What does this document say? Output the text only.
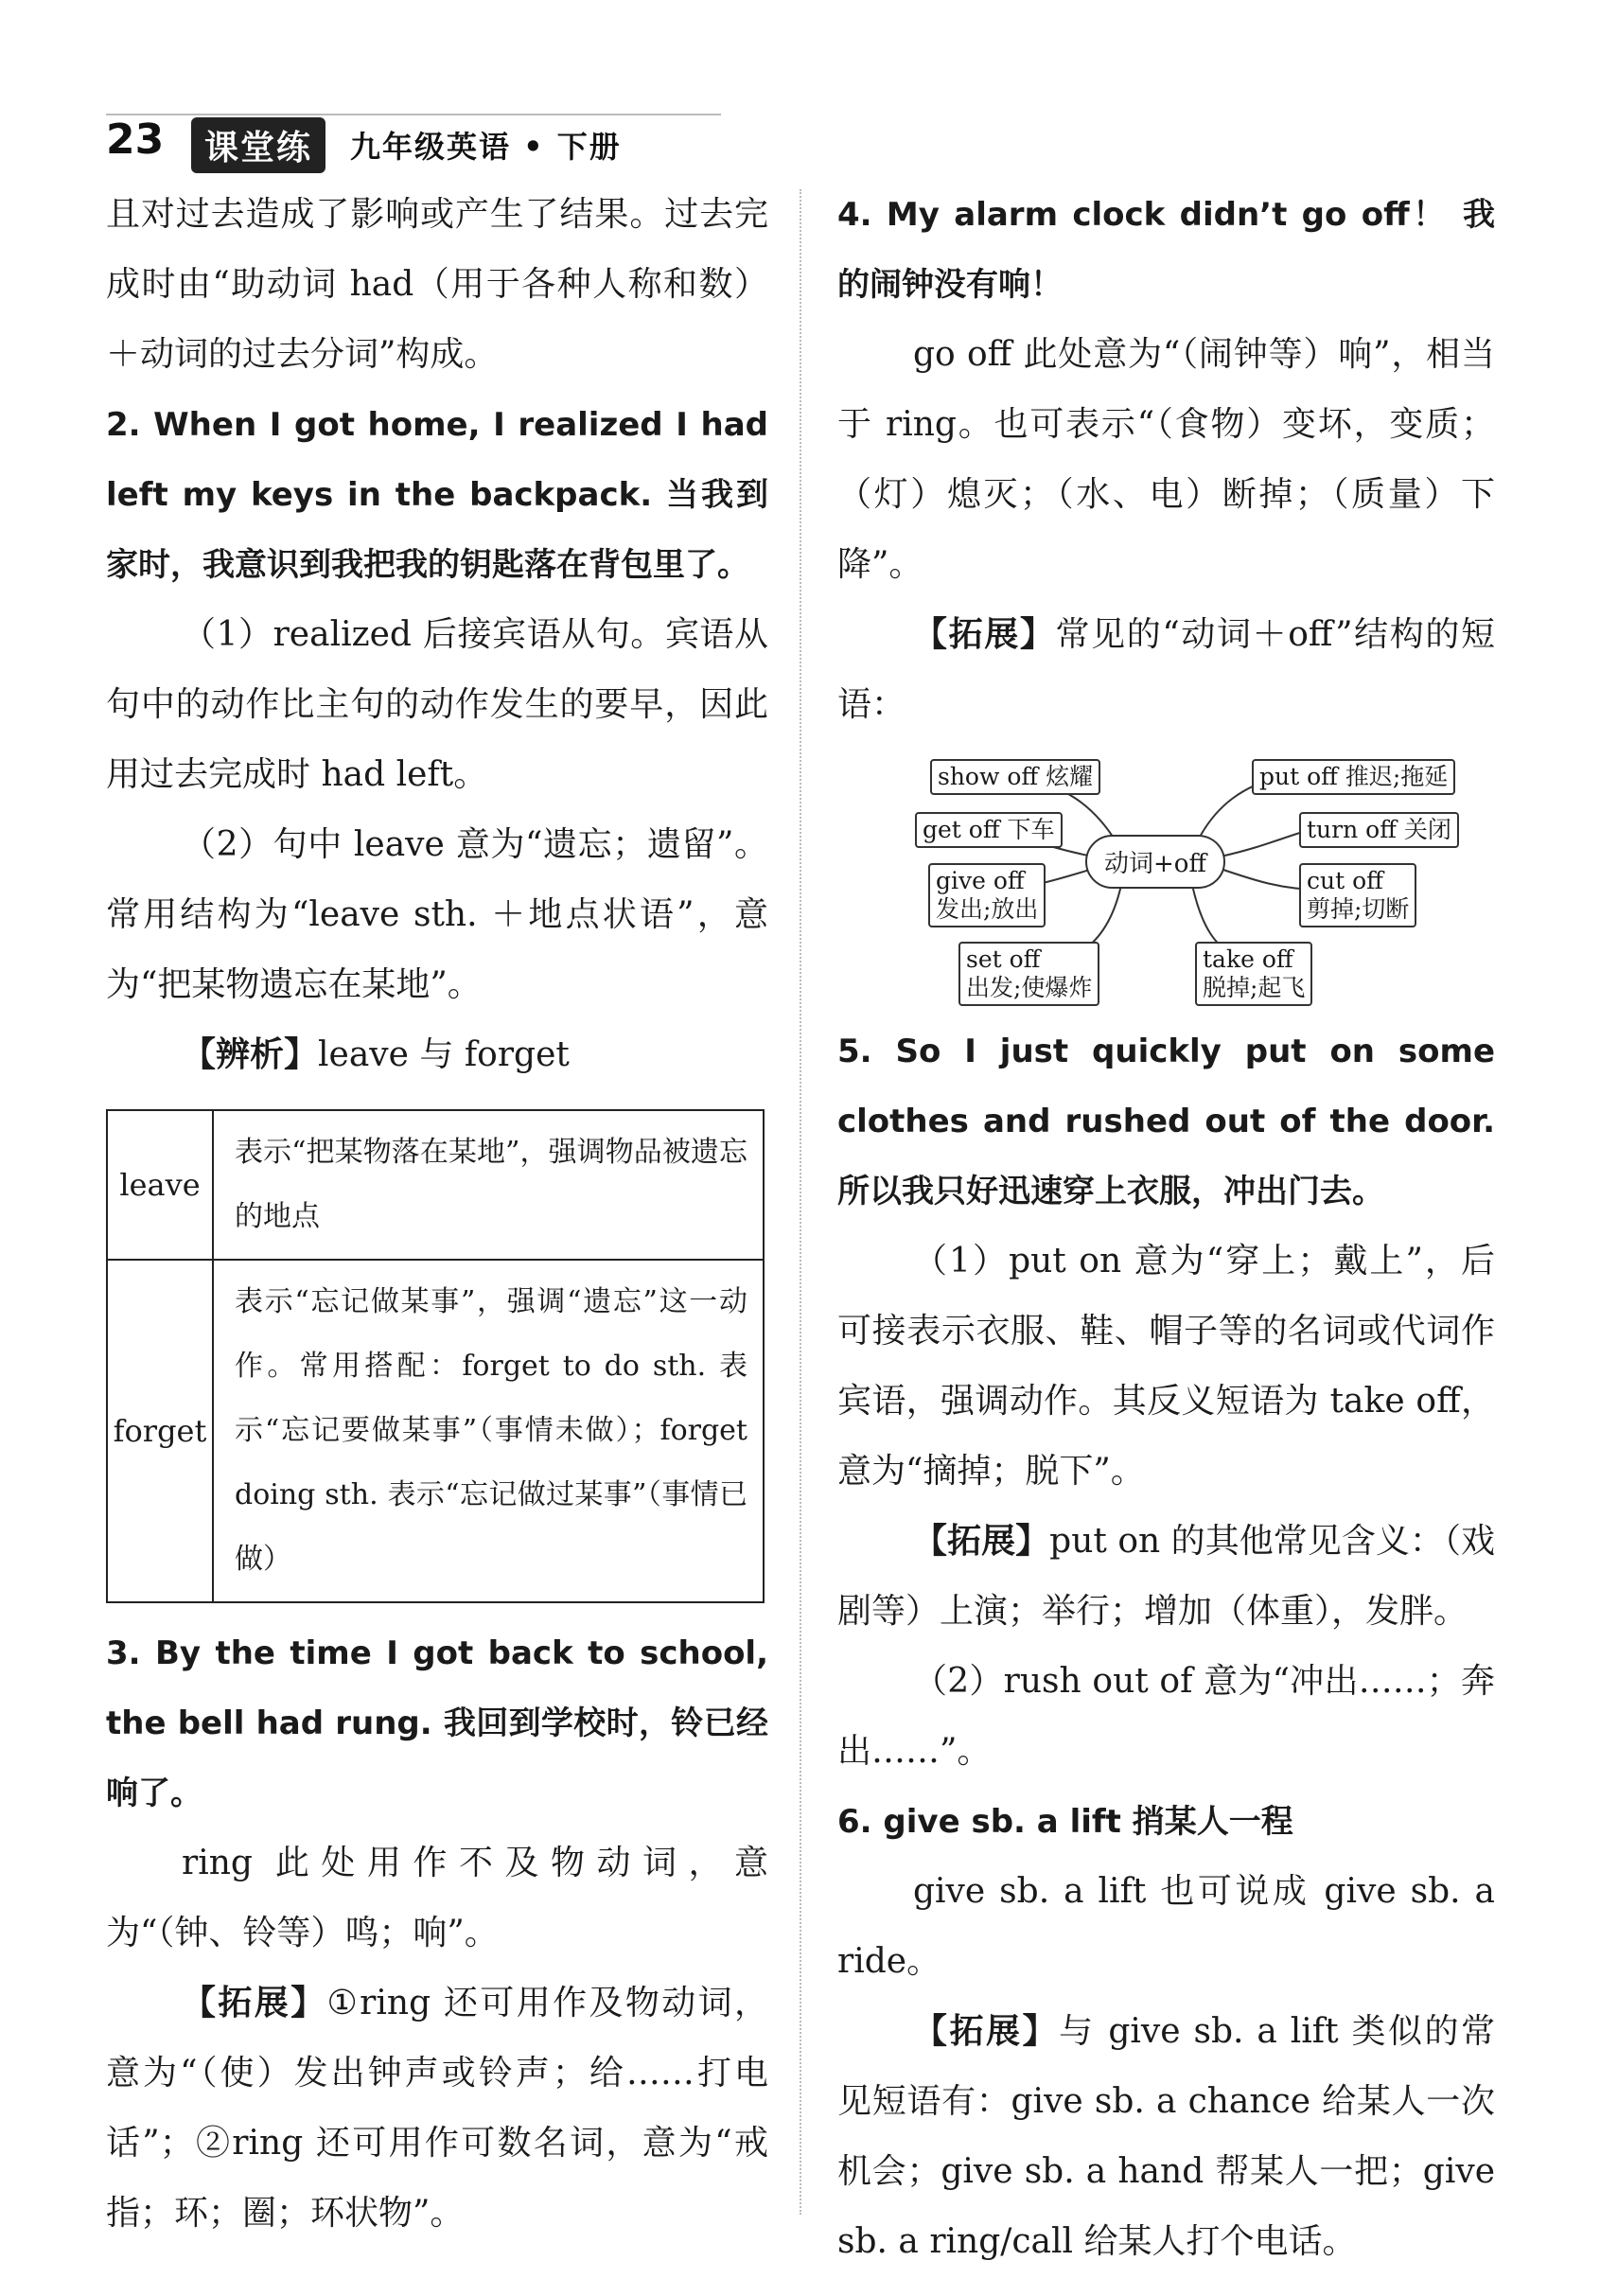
23	课堂练	九年级英语 • 下册

且对过去造成了影响或产生了结果。过去完成时由“助动词 had（用于各种人称和数）＋动词的过去分词”构成。

2. When I got home, I realized I had left my keys in the backpack. 当我到家时，我意识到我把我的钥匙落在背包里了。

（1）realized 后接宾语从句。宾语从句中的动作比主句的动作发生的要早，因此用过去完成时 had left。

（2）句中 leave 意为“遗忘；遗留”。常用结构为“leave sth. ＋地点状语”，意为“把某物遗忘在某地”。

【辨析】leave 与 forget

leave
表示“把某物落在某地”，强调物品被遗忘的地点
forget
表示“忘记做某事”，强调“遗忘”这一动作。常用搭配：forget to do sth. 表示“忘记要做某事”（事情未做）；forget doing sth. 表示“忘记做过某事”（事情已做）

3. By the time I got back to school, the bell had rung. 我回到学校时，铃已经响了。

ring 此处用作不及物动词，意为“（钟、铃等）鸣；响”。

【拓展】①ring 还可用作及物动词，意为“（使）发出钟声或铃声；给……打电话”；②ring 还可用作可数名词，意为“戒指；环；圈；环状物”。

4. My alarm clock didn’t go off！ 我的闹钟没有响！

go off 此处意为“（闹钟等）响”，相当于 ring。也可表示“（食物）变坏，变质；（灯）熄灭；（水、电）断掉；（质量）下降”。

【拓展】常见的“动词＋off”结构的短语：

动词+off
show off 炫耀	put off 推迟;拖延
get off 下车	turn off 关闭
give off
发出;放出
cut off
剪掉;切断
set off
出发;使爆炸
take off
脱掉;起飞

5. So I just quickly put on some clothes and rushed out of the door. 所以我只好迅速穿上衣服，冲出门去。

（1）put on 意为“穿上；戴上”，后可接表示衣服、鞋、帽子等的名词或代词作宾语，强调动作。其反义短语为 take off，意为“摘掉；脱下”。

【拓展】put on 的其他常见含义：（戏剧等）上演；举行；增加（体重），发胖。

（2）rush out of 意为“冲出……；奔出……”。

6. give sb. a lift 捎某人一程

give sb. a lift 也可说成 give sb. a ride。

【拓展】与 give sb. a lift 类似的常见短语有：give sb. a chance 给某人一次机会；give sb. a hand 帮某人一把；give sb. a ring/call 给某人打个电话。
